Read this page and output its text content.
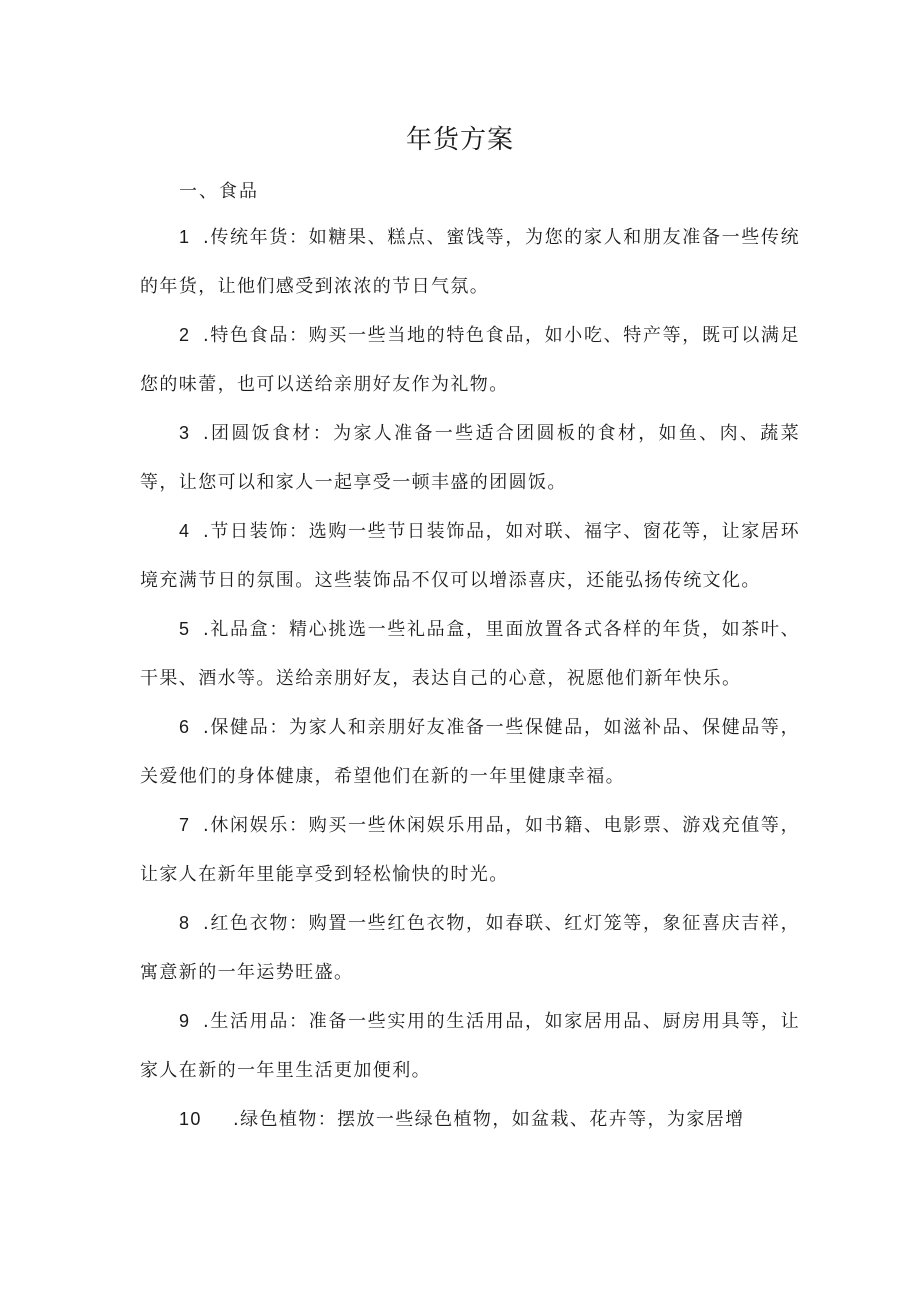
年货方案
一、食品

1 .传统年货：如糖果、糕点、蜜饯等，为您的家人和朋友准备一些传统的年货，让他们感受到浓浓的节日气氛。

2 .特色食品：购买一些当地的特色食品，如小吃、特产等，既可以满足您的味蕾，也可以送给亲朋好友作为礼物。

3 .团圆饭食材：为家人准备一些适合团圆板的食材，如鱼、肉、蔬菜等，让您可以和家人一起享受一顿丰盛的团圆饭。

4 .节日装饰：选购一些节日装饰品，如对联、福字、窗花等，让家居环境充满节日的氛围。这些装饰品不仅可以增添喜庆，还能弘扬传统文化。

5 .礼品盒：精心挑选一些礼品盒，里面放置各式各样的年货，如茶叶、干果、酒水等。送给亲朋好友，表达自己的心意，祝愿他们新年快乐。

6 .保健品：为家人和亲朋好友准备一些保健品，如滋补品、保健品等，关爱他们的身体健康，希望他们在新的一年里健康幸福。

7 .休闲娱乐：购买一些休闲娱乐用品，如书籍、电影票、游戏充值等，让家人在新年里能享受到轻松愉快的时光。

8 .红色衣物：购置一些红色衣物，如春联、红灯笼等，象征喜庆吉祥，寓意新的一年运势旺盛。

9 .生活用品：准备一些实用的生活用品，如家居用品、厨房用具等，让家人在新的一年里生活更加便利。

10 .绿色植物：摆放一些绿色植物，如盆栽、花卉等，为家居增
